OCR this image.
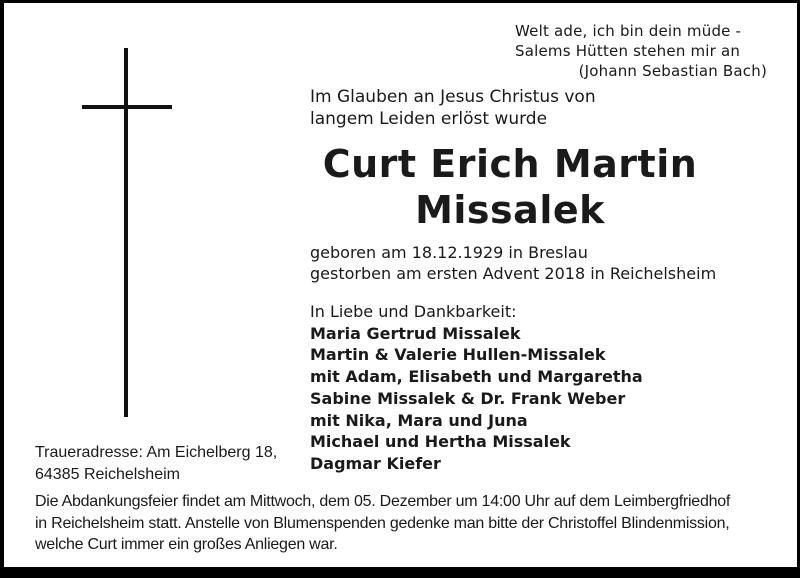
Welt ade, ich bin dein müde -
Salems Hütten stehen mir an
(Johann Sebastian Bach)
Im Glauben an Jesus Christus von
langem Leiden erlöst wurde
Curt Erich Martin
Missalek
geboren am 18.12.1929 in Breslau
gestorben am ersten Advent 2018 in Reichelsheim
In Liebe und Dankbarkeit:
Maria Gertrud Missalek
Martin & Valerie Hullen-Missalek
mit Adam, Elisabeth und Margaretha
Sabine Missalek & Dr. Frank Weber
mit Nika, Mara und Juna
Michael und Hertha Missalek
Dagmar Kiefer
Traueradresse: Am Eichelberg 18,
64385 Reichelsheim
Die Abdankungsfeier findet am Mittwoch, dem 05. Dezember um 14:00 Uhr auf dem Leimbergfriedhof
in Reichelsheim statt. Anstelle von Blumenspenden gedenke man bitte der Christoffel Blindenmission,
welche Curt immer ein großes Anliegen war.
